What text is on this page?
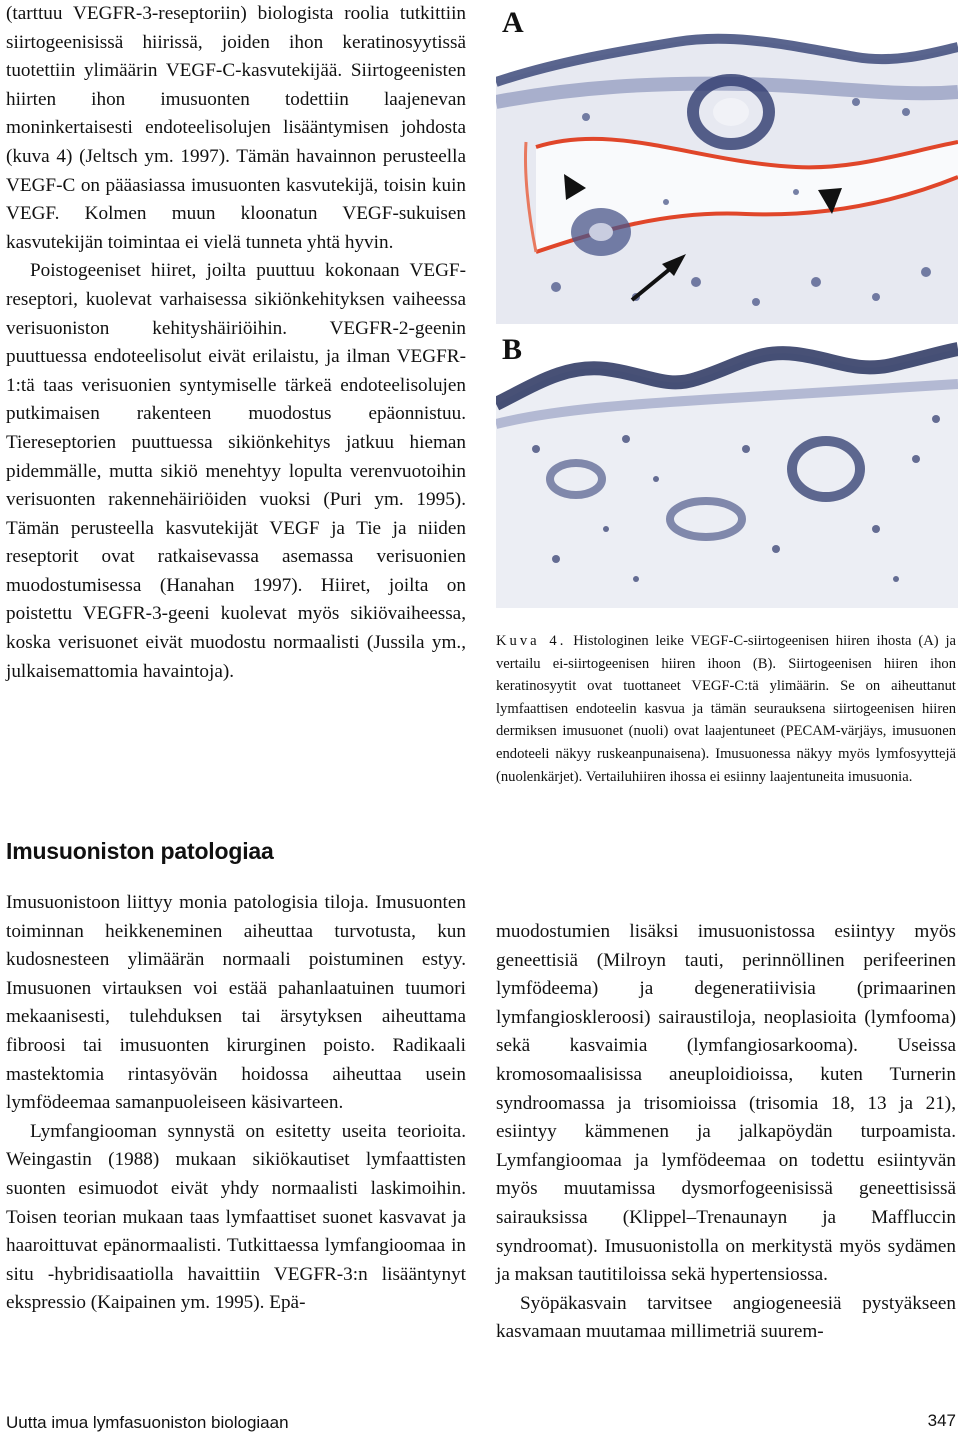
(tarttuu VEGFR-3-reseptoriin) biologista roolia tutkittiin siirtogeenisissä hiirissä, joiden ihon keratinosyytissä tuotettiin ylimäärin VEGF-C-kasvutekijää. Siirtogeenisten hiirten ihon imusuonten todettiin laajenevan moninkertaisesti endoteelisolujen lisääntymisen johdosta (kuva 4) (Jeltsch ym. 1997). Tämän havainnon perusteella VEGF-C on pääasiassa imusuonten kasvutekijä, toisin kuin VEGF. Kolmen muun kloonatun VEGF-sukuisen kasvutekijän toimintaa ei vielä tunneta yhtä hyvin.

Poistogeeniset hiiret, joilta puuttuu kokonaan VEGF-reseptori, kuolevat varhaisessa sikiönkehityksen vaiheessa verisuoniston kehityshäiriöihin. VEGFR-2-geenin puuttuessa endoteelisolut eivät erilaistu, ja ilman VEGFR-1:tä taas verisuonien syntymiselle tärkeä endoteelisolujen putkimaisen rakenteen muodostus epäonnistuu. Tiereseptorien puuttuessa sikiönkehitys jatkuu hieman pidemmälle, mutta sikiö menehtyy lopulta verenvuotoihin verisuonten rakennehäiriöiden vuoksi (Puri ym. 1995). Tämän perusteella kasvutekijät VEGF ja Tie ja niiden reseptorit ovat ratkaisevassa asemassa verisuonien muodostumisessa (Hanahan 1997). Hiiret, joilta on poistettu VEGFR-3-geeni kuolevat myös sikiövaiheessa, koska verisuonet eivät muodostu normaalisti (Jussila ym., julkaisemattomia havaintoja).

Imusuoniston patologiaa

Imusuonistoon liittyy monia patologisia tiloja. Imusuonten toiminnan heikkeneminen aiheuttaa turvotusta, kun kudosnesteen ylimäärän normaali poistuminen estyy. Imusuonen virtauksen voi estää pahanlaatuinen tuumori mekaanisesti, tulehduksen tai ärsytyksen aiheuttama fibroosi tai imusuonten kirurginen poisto. Radikaali mastektomia rintasyövän hoidossa aiheuttaa usein lymfödeemaa samanpuoleiseen käsivarteen.

Lymfangiooman synnystä on esitetty useita teorioita. Weingastin (1988) mukaan sikiökautiset lymfaattisten suonten esimuodot eivät yhdy normaalisti laskimoihin. Toisen teorian mukaan taas lymfaattiset suonet kasvavat ja haaroittuvat epänormaalisti. Tutkittaessa lymfangioomaa in situ -hybridisaatiolla havaittiin VEGFR-3:n lisääntynyt ekspressio (Kaipainen ym. 1995). Epä-

A
B
Kuva 4. Histologinen leike VEGF-C-siirtogeenisen hiiren ihosta (A) ja vertailu ei-siirtogeenisen hiiren ihoon (B). Siirtogeenisen hiiren ihon keratinosyytit ovat tuottaneet VEGF-C:tä ylimäärin. Se on aiheuttanut lymfaattisen endoteelin kasvua ja tämän seurauksena siirtogeenisen hiiren dermiksen imusuonet (nuoli) ovat laajentuneet (PECAM-värjäys, imusuonen endoteeli näkyy ruskeanpunaisena). Imusuonessa näkyy myös lymfosyyttejä (nuolenkärjet). Vertailuhiiren ihossa ei esiinny laajentuneita imusuonia.

muodostumien lisäksi imusuonistossa esiintyy myös geneettisiä (Milroyn tauti, perinnöllinen perifeerinen lymfödeema) ja degeneratiivisia (primaarinen lymfangioskleroosi) sairaustiloja, neoplasioita (lymfooma) sekä kasvaimia (lymfangiosarkooma). Useissa kromosomaalisissa aneuploidioissa, kuten Turnerin syndroomassa ja trisomioissa (trisomia 18, 13 ja 21), esiintyy kämmenen ja jalkapöydän turpoamista. Lymfangioomaa ja lymfödeemaa on todettu esiintyvän myös muutamissa dysmorfogeenisissä geneettisissä sairauksissa (Klippel–Trenaunayn ja Maffluccin syndroomat). Imusuonistolla on merkitystä myös sydämen ja maksan tautitiloissa sekä hypertensiossa.

Syöpäkasvain tarvitsee angiogeneesiä pystyäkseen kasvamaan muutamaa millimetriä suurem-

Uutta imua lymfasuoniston biologiaan	347
